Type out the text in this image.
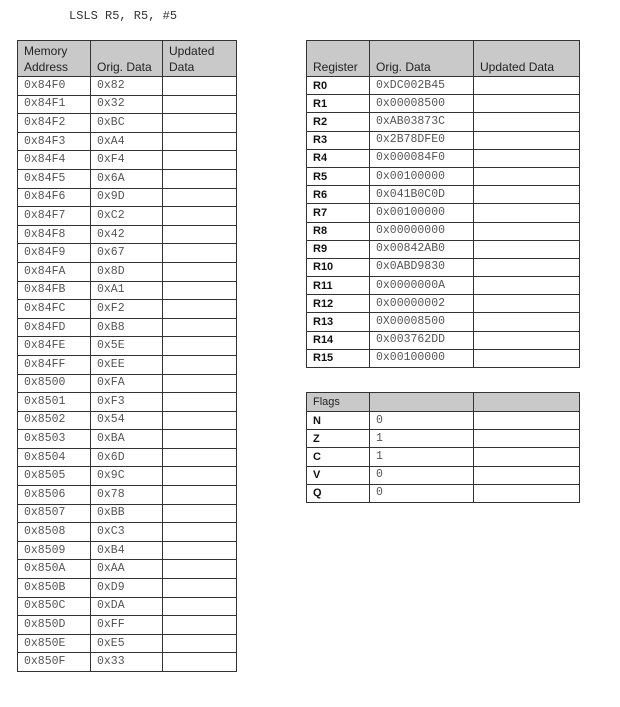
LSLS R5, R5, #5
Memory Address	Orig. Data	Updated Data
0x84F0	0x82	
0x84F1	0x32	
0x84F2	0xBC	
0x84F3	0xA4	
0x84F4	0xF4	
0x84F5	0x6A	
0x84F6	0x9D	
0x84F7	0xC2	
0x84F8	0x42	
0x84F9	0x67	
0x84FA	0x8D	
0x84FB	0xA1	
0x84FC	0xF2	
0x84FD	0xB8	
0x84FE	0x5E	
0x84FF	0xEE	
0x8500	0xFA	
0x8501	0xF3	
0x8502	0x54	
0x8503	0xBA	
0x8504	0x6D	
0x8505	0x9C	
0x8506	0x78	
0x8507	0xBB	
0x8508	0xC3	
0x8509	0xB4	
0x850A	0xAA	
0x850B	0xD9	
0x850C	0xDA	
0x850D	0xFF	
0x850E	0xE5	
0x850F	0x33	
Register	Orig. Data	Updated Data
R0	0xDC002B45	
R1	0x00008500	
R2	0xAB03873C	
R3	0x2B78DFE0	
R4	0x000084F0	
R5	0x00100000	
R6	0x041B0C0D	
R7	0x00100000	
R8	0x00000000	
R9	0x00842AB0	
R10	0x0ABD9830	
R11	0x0000000A	
R12	0x00000002	
R13	0X00008500	
R14	0x003762DD	
R15	0x00100000	
Flags		
N	0	
Z	1	
C	1	
V	0	
Q	0	
